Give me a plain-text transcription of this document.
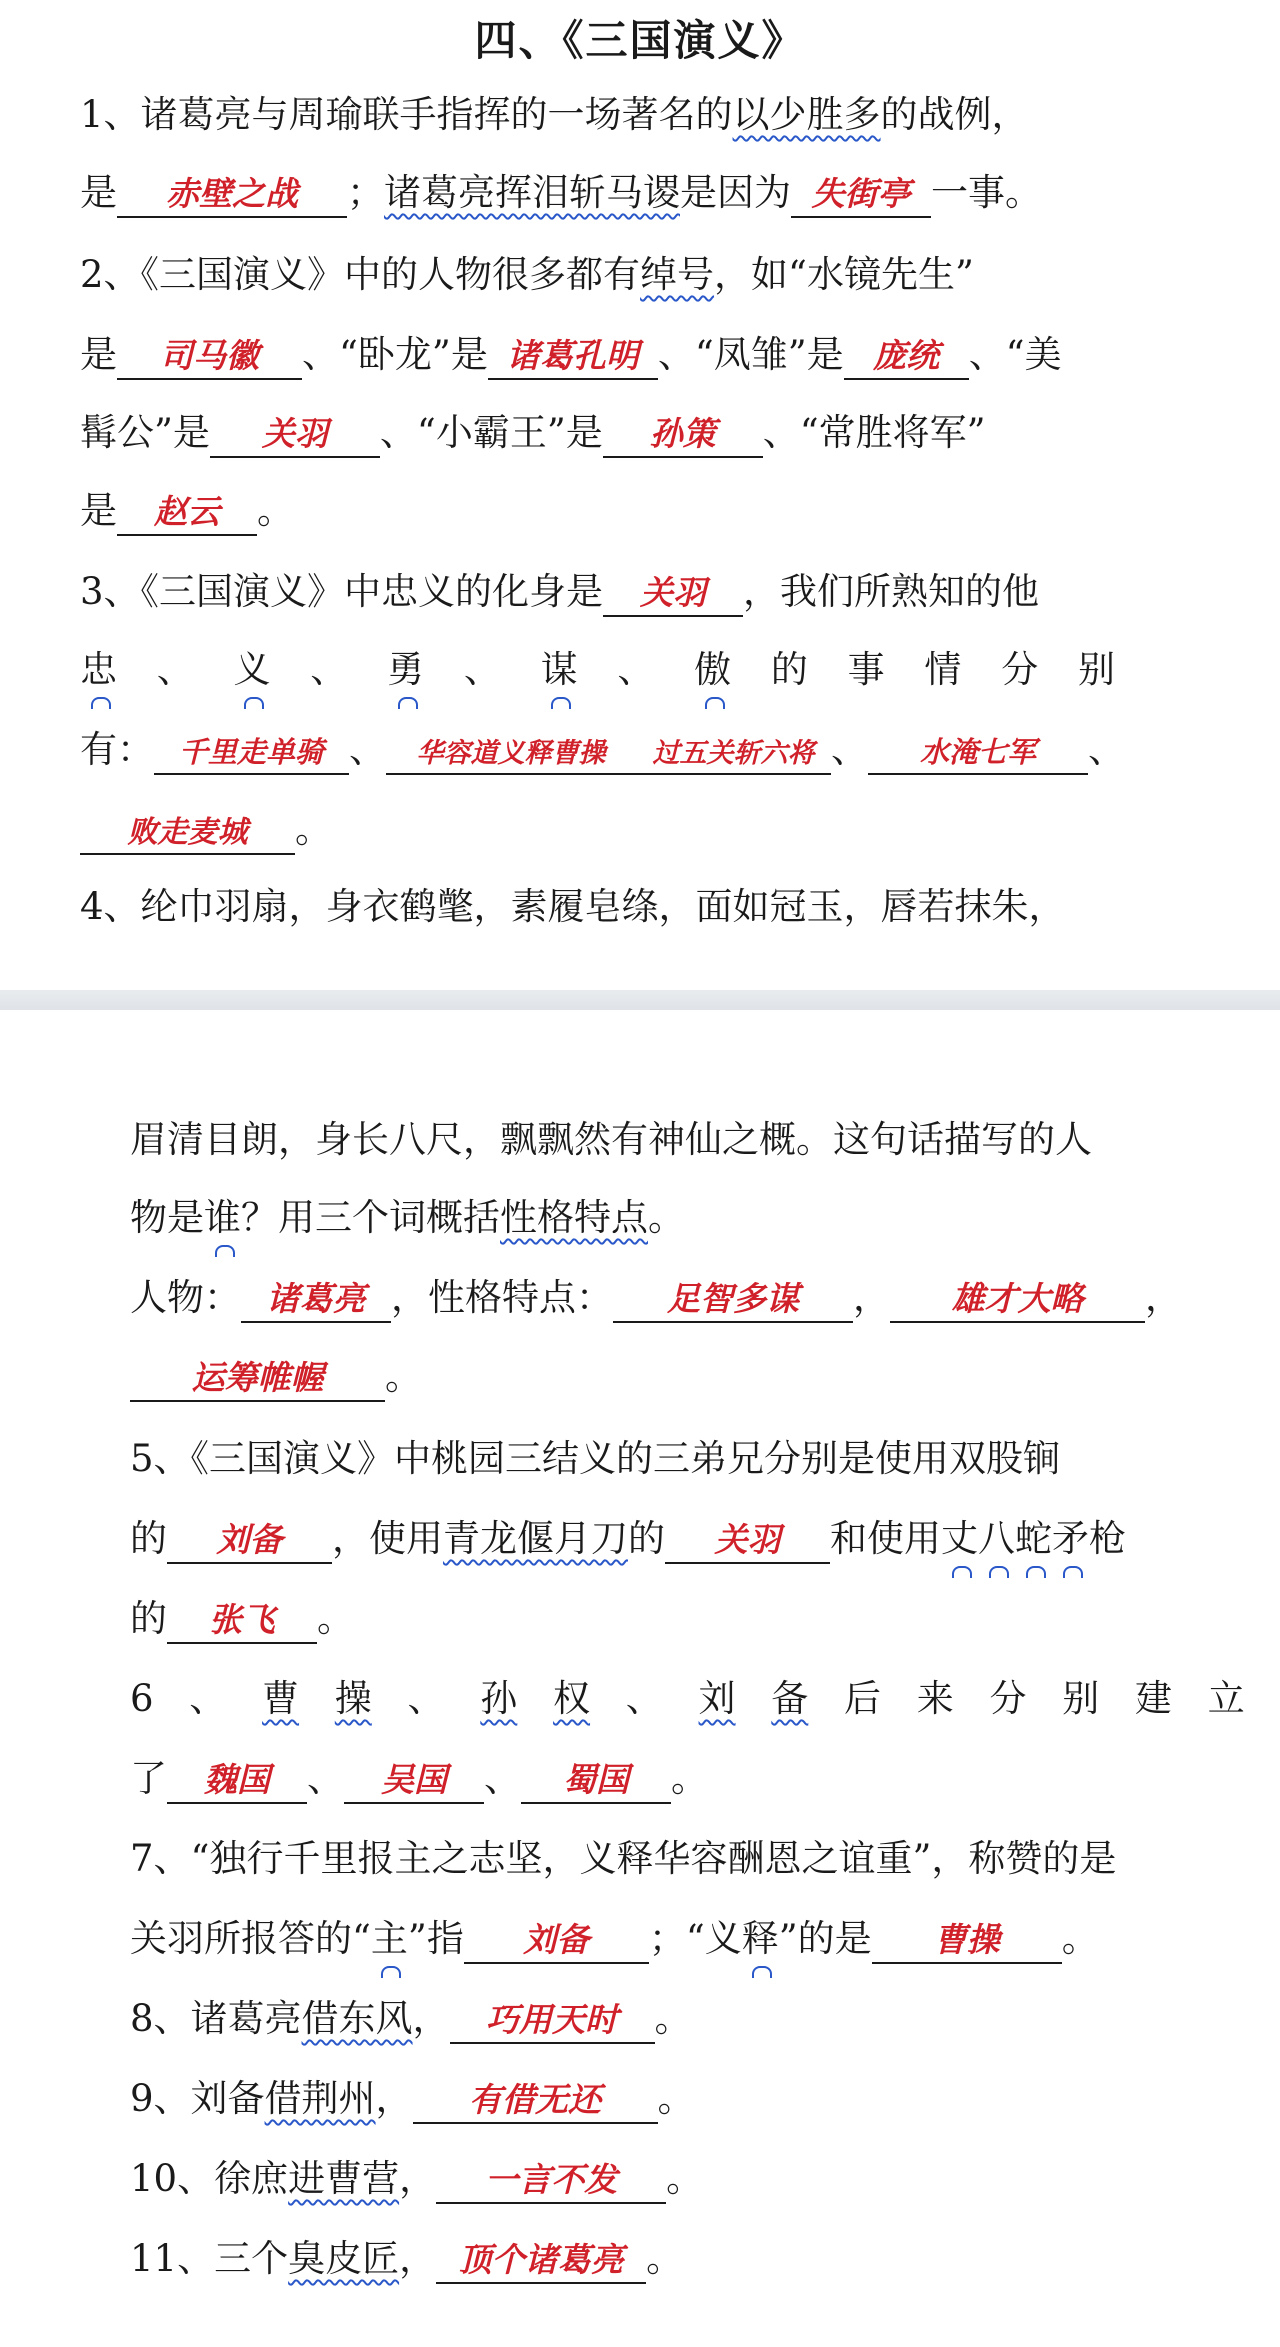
四、《三国演义》
1、诸葛亮与周瑜联手指挥的一场著名的以少胜多的战例，
是 赤壁之战 ；诸葛亮挥泪斩马谡是因为 失街亭 一事。
2、《三国演义》中的人物很多都有绰号，如“水镜先生”
是 司马徽 、“卧龙”是 诸葛孔明 、“凤雏”是 庞统 、“美
髯公”是 关羽 、“小霸王”是 孙策 、“常胜将军”
是 赵云 。
3、《三国演义》中忠义的化身是 关羽 ，我们所熟知的他
忠 、 义 、 勇 、 谋 、 傲 的 事 情 分 别
有： 千里走单骑 、 华容道义释曹操 过五关斩六将 、 水淹七军 、
败走麦城 。
4、纶巾羽扇，身衣鹤氅，素履皂绦，面如冠玉，唇若抹朱，
眉清目朗，身长八尺，飘飘然有神仙之概。这句话描写的人
物是谁？用三个词概括性格特点。
人物： 诸葛亮 ，性格特点： 足智多谋 ， 雄才大略 ，
运筹帷幄 。
5、《三国演义》中桃园三结义的三弟兄分别是使用双股锏
的 刘备 ，使用青龙偃月刀的 关羽 和使用丈八蛇矛枪
的 张飞 。
6 、 曹 操 、 孙 权 、 刘 备 后 来 分 别 建 立
了 魏国 、 吴国 、 蜀国 。
7、“独行千里报主之志坚，义释华容酬恩之谊重”，称赞的是
关羽所报答的“主”指 刘备 ；“义释”的是 曹操 。
8、诸葛亮借东风， 巧用天时 。
9、刘备借荆州， 有借无还 。
10、徐庶进曹营， 一言不发 。
11、三个臭皮匠， 顶个诸葛亮 。
